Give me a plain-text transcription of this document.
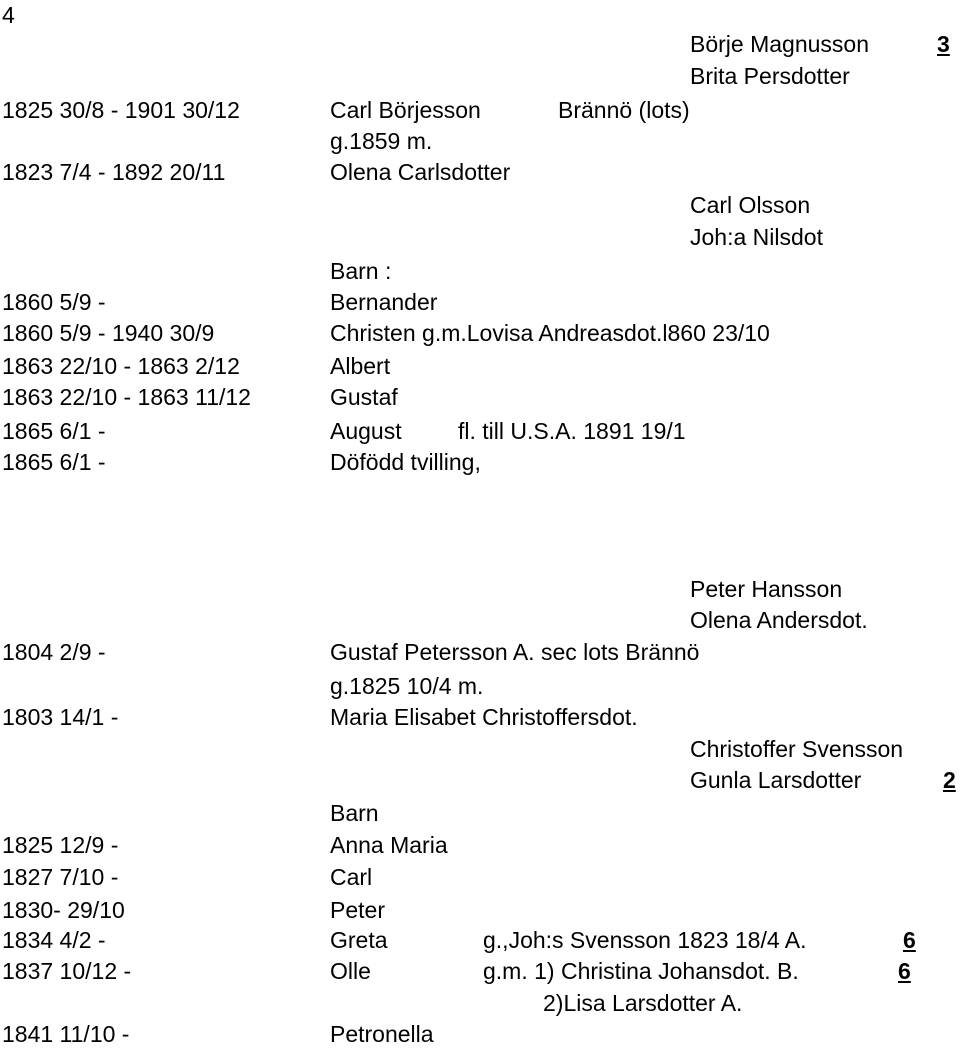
4
Börje Magnusson	3
Brita Persdotter
1825 30/8 - 1901 30/12	Carl Börjesson	Brännö (lots)
g.1859 m.
1823 7/4 - 1892 20/11	Olena Carlsdotter
Carl Olsson
Joh:a Nilsdot
Barn :
1860 5/9 -	Bernander
1860 5/9 - 1940 30/9	Christen g.m.Lovisa Andreasdot.l860 23/10
1863 22/10 - 1863 2/12	Albert
1863 22/10 - 1863 11/12	Gustaf
1865 6/1 -	August fl. till U.S.A. 1891 19/1
1865 6/1 -	Döfödd tvilling,
Peter Hansson
Olena Andersdot.
1804 2/9 -	Gustaf Petersson A. sec lots Brännö
g.1825 10/4 m.
1803 14/1 -	Maria Elisabet Christoffersdot.
Christoffer Svensson
Gunla Larsdotter	2
Barn
1825 12/9 -	Anna Maria
1827 7/10 -	Carl
1830- 29/10	Peter
1834 4/2 -	Greta	g.,Joh:s Svensson 1823 18/4 A.	6
1837 10/12 -	Olle	g.m. 1) Christina Johansdot. B.	6
2)Lisa Larsdotter A.
1841 11/10 -	Petronella
